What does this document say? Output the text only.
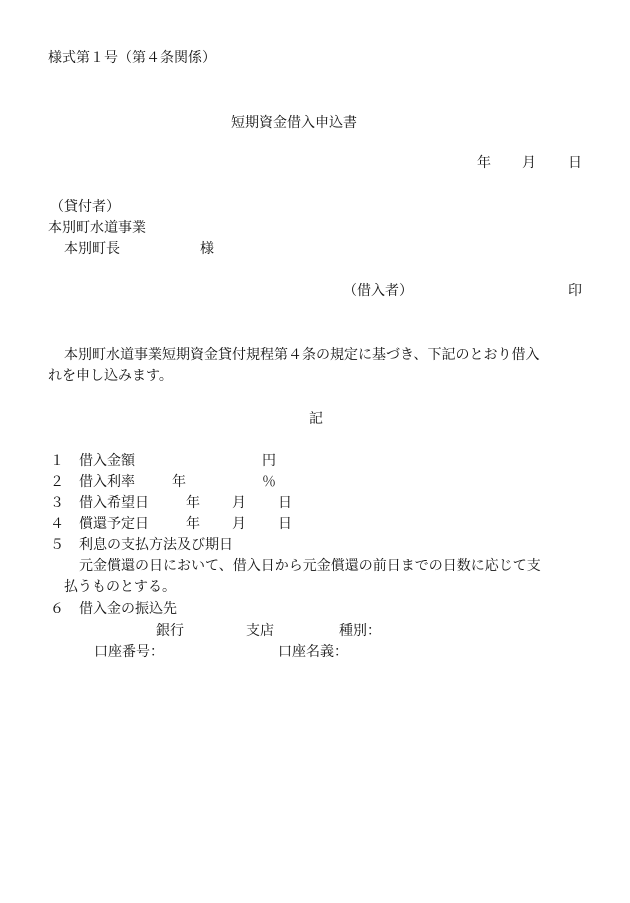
様式第１号（第４条関係）
短期資金借入申込書
年 月 日
（貸付者）
本別町水道事業
本別町長	様
（借入者）	印
本別町水道事業短期資金貸付規程第４条の規定に基づき、下記のとおり借入
れを申し込みます。
記
１ 借入金額	円
２ 借入利率	年	％
３ 借入希望日	年 月 日
４ 償還予定日	年 月 日
５ 利息の支払方法及び期日
元金償還の日において、借入日から元金償還の前日までの日数に応じて支
払うものとする。
６ 借入金の振込先
銀行	支店	種別：
口座番号：	口座名義：
